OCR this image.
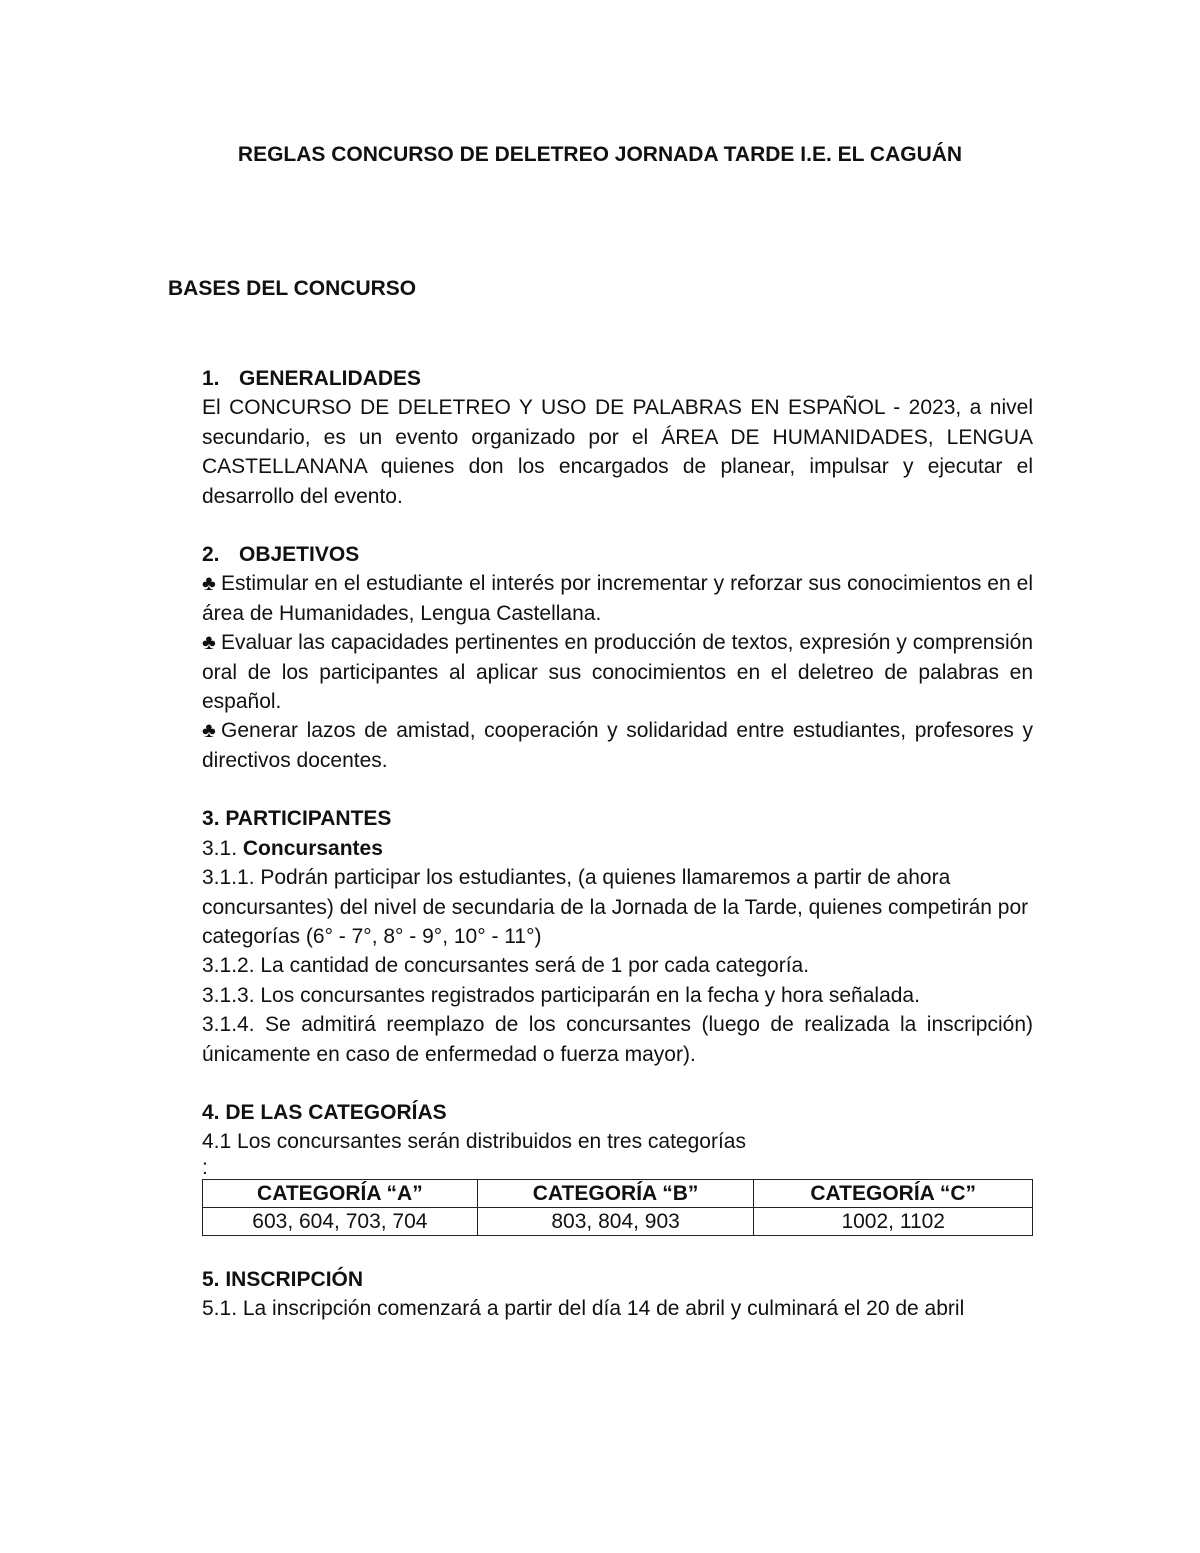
REGLAS CONCURSO DE DELETREO JORNADA TARDE I.E. EL CAGUÁN
BASES DEL CONCURSO

1. GENERALIDADES

El CONCURSO DE DELETREO Y USO DE PALABRAS EN ESPAÑOL - 2023, a nivel secundario, es un evento organizado por el ÁREA DE HUMANIDADES, LENGUA CASTELLANANA quienes don los encargados de planear, impulsar y ejecutar el desarrollo del evento.

2. OBJETIVOS

♣ Estimular en el estudiante el interés por incrementar y reforzar sus conocimientos en el área de Humanidades, Lengua Castellana.

♣ Evaluar las capacidades pertinentes en producción de textos, expresión y comprensión oral de los participantes al aplicar sus conocimientos en el deletreo de palabras en español.

♣ Generar lazos de amistad, cooperación y solidaridad entre estudiantes, profesores y directivos docentes.

3. PARTICIPANTES

3.1. Concursantes

3.1.1. Podrán participar los estudiantes, (a quienes llamaremos a partir de ahora concursantes) del nivel de secundaria de la Jornada de la Tarde, quienes competirán por categorías (6° - 7°, 8° - 9°, 10° - 11°)

3.1.2. La cantidad de concursantes será de 1 por cada categoría.

3.1.3. Los concursantes registrados participarán en la fecha y hora señalada.

3.1.4. Se admitirá reemplazo de los concursantes (luego de realizada la inscripción) únicamente en caso de enfermedad o fuerza mayor).

4. DE LAS CATEGORÍAS

4.1 Los concursantes serán distribuidos en tres categorías

:

CATEGORÍA “A”	CATEGORÍA “B”	CATEGORÍA “C”
603, 604, 703, 704	803, 804, 903	1002, 1102

5. INSCRIPCIÓN

5.1. La inscripción comenzará a partir del día 14 de abril y culminará el 20 de abril
